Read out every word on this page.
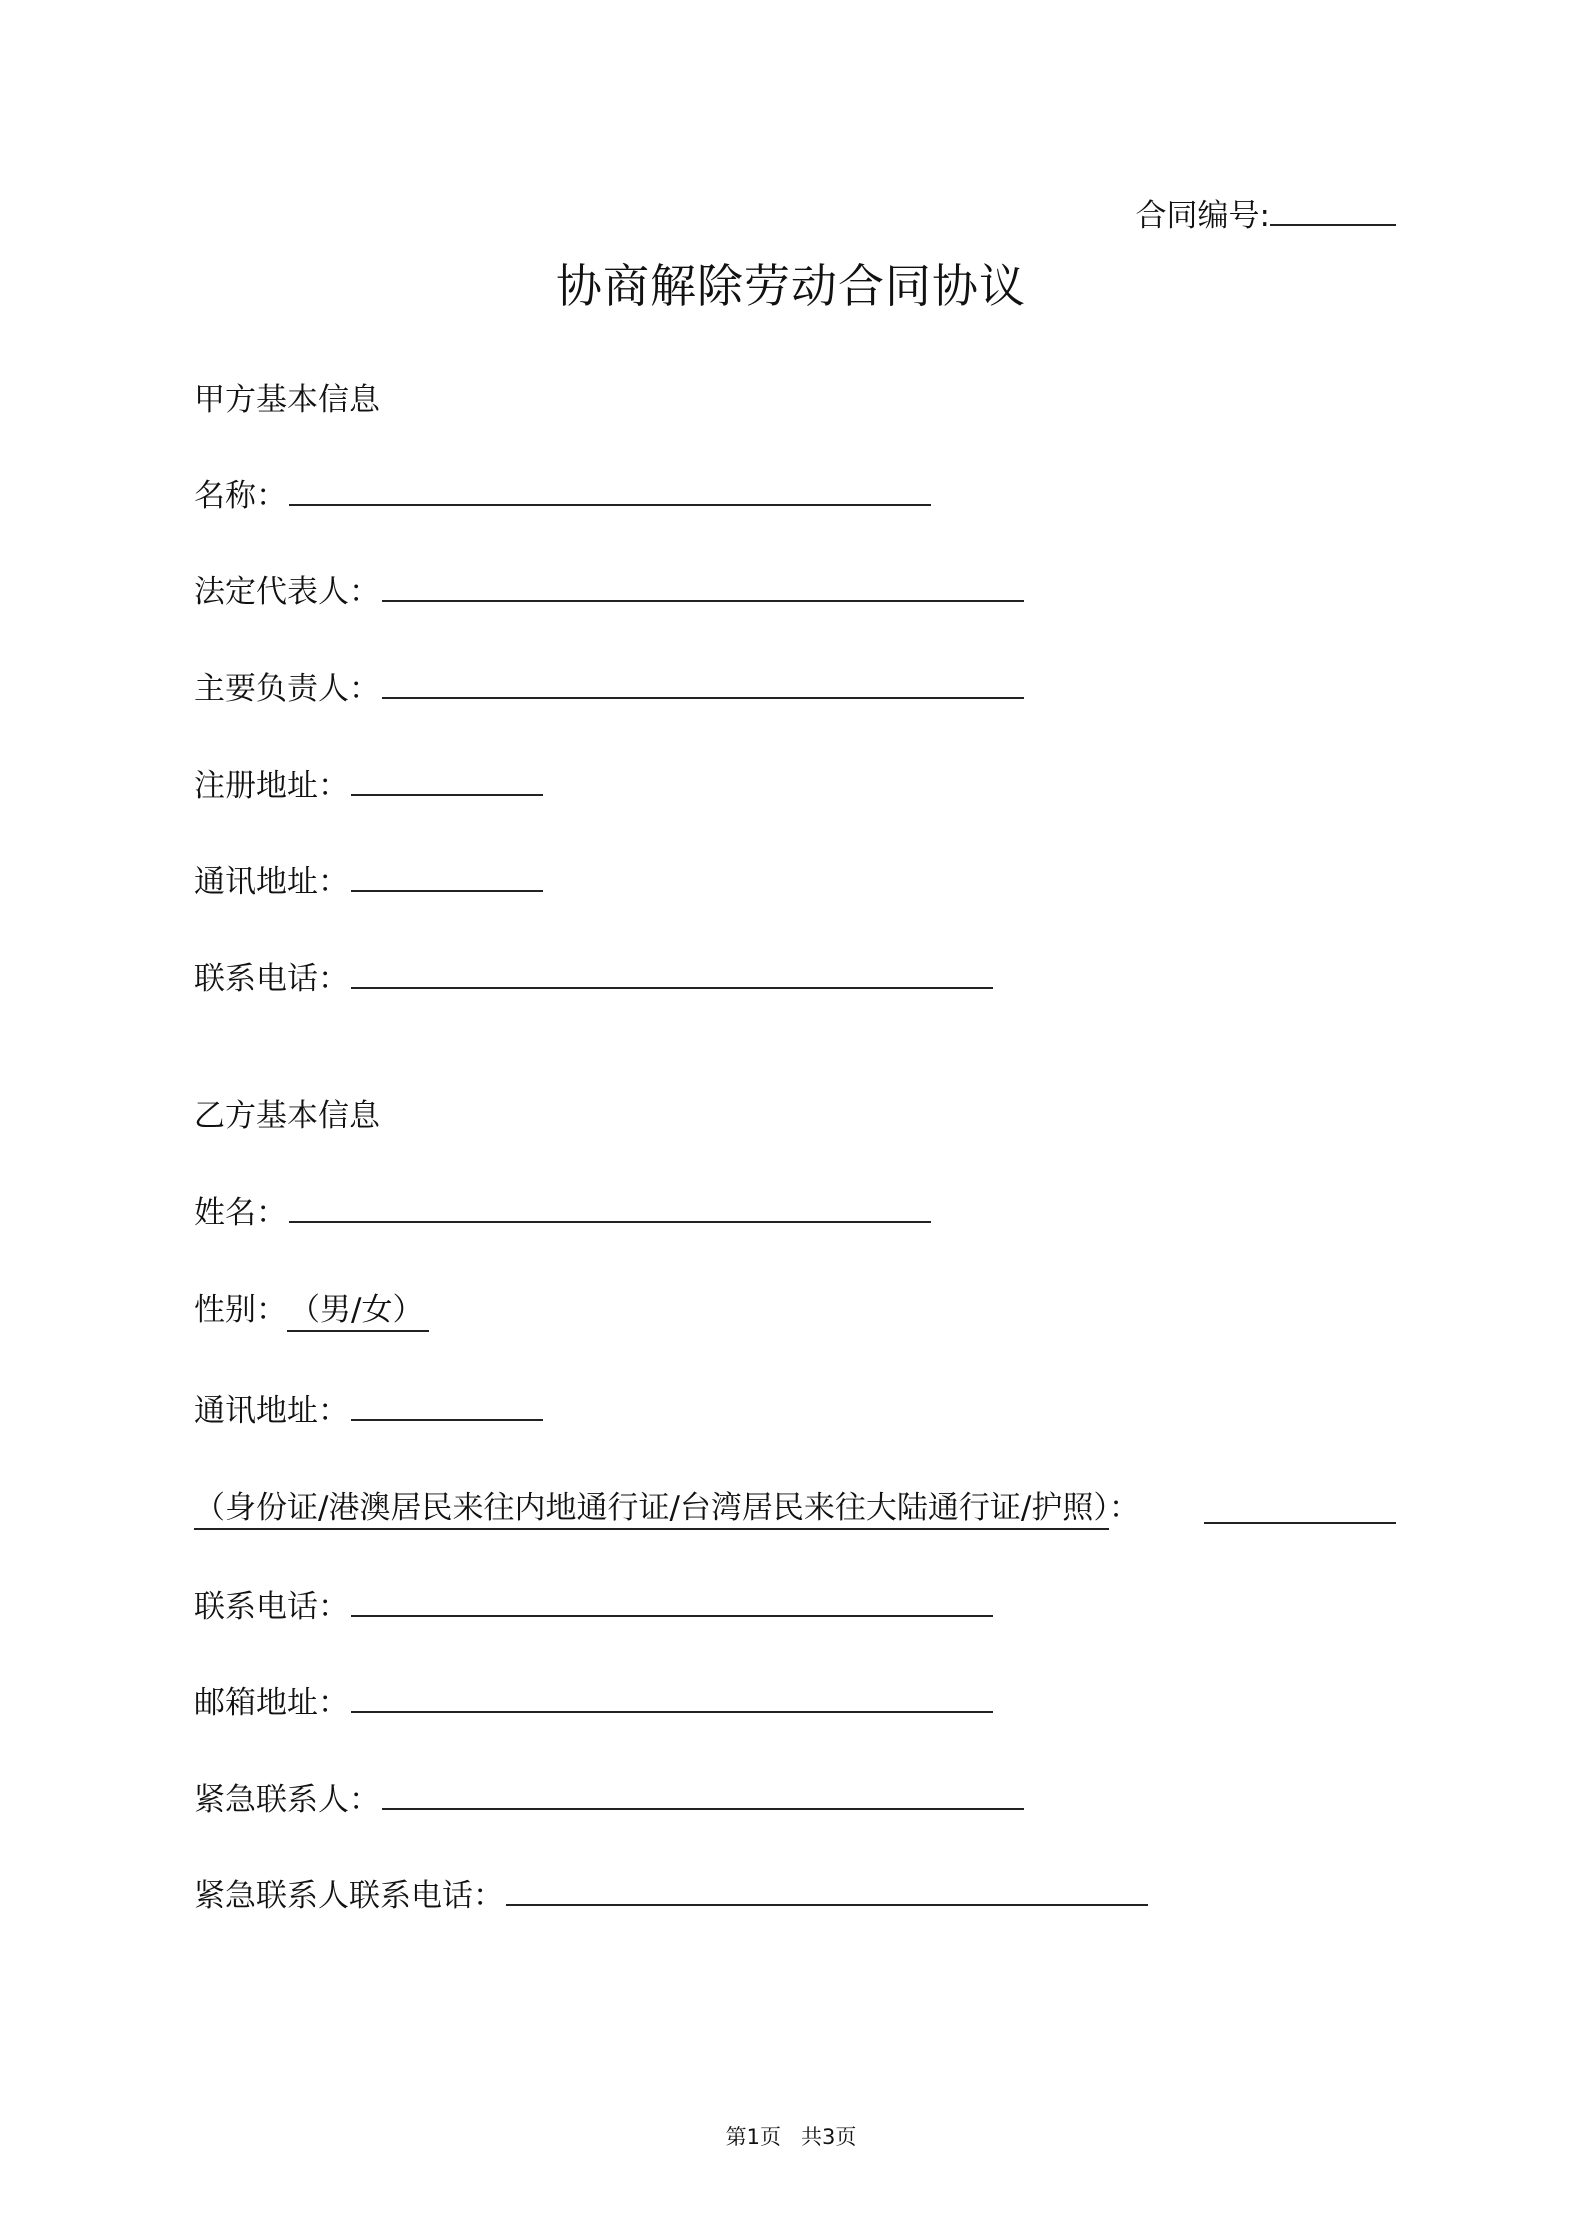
合同编号:
协商解除劳动合同协议
甲方基本信息
名称：
法定代表人：
主要负责人：
注册地址：
通讯地址：
联系电话：
乙方基本信息
姓名：
性别：（男/女）
通讯地址：
（身份证/港澳居民来往内地通行证/台湾居民来往大陆通行证/护照）：
联系电话：
邮箱地址：
紧急联系人：
紧急联系人联系电话：
第1页   共3页
